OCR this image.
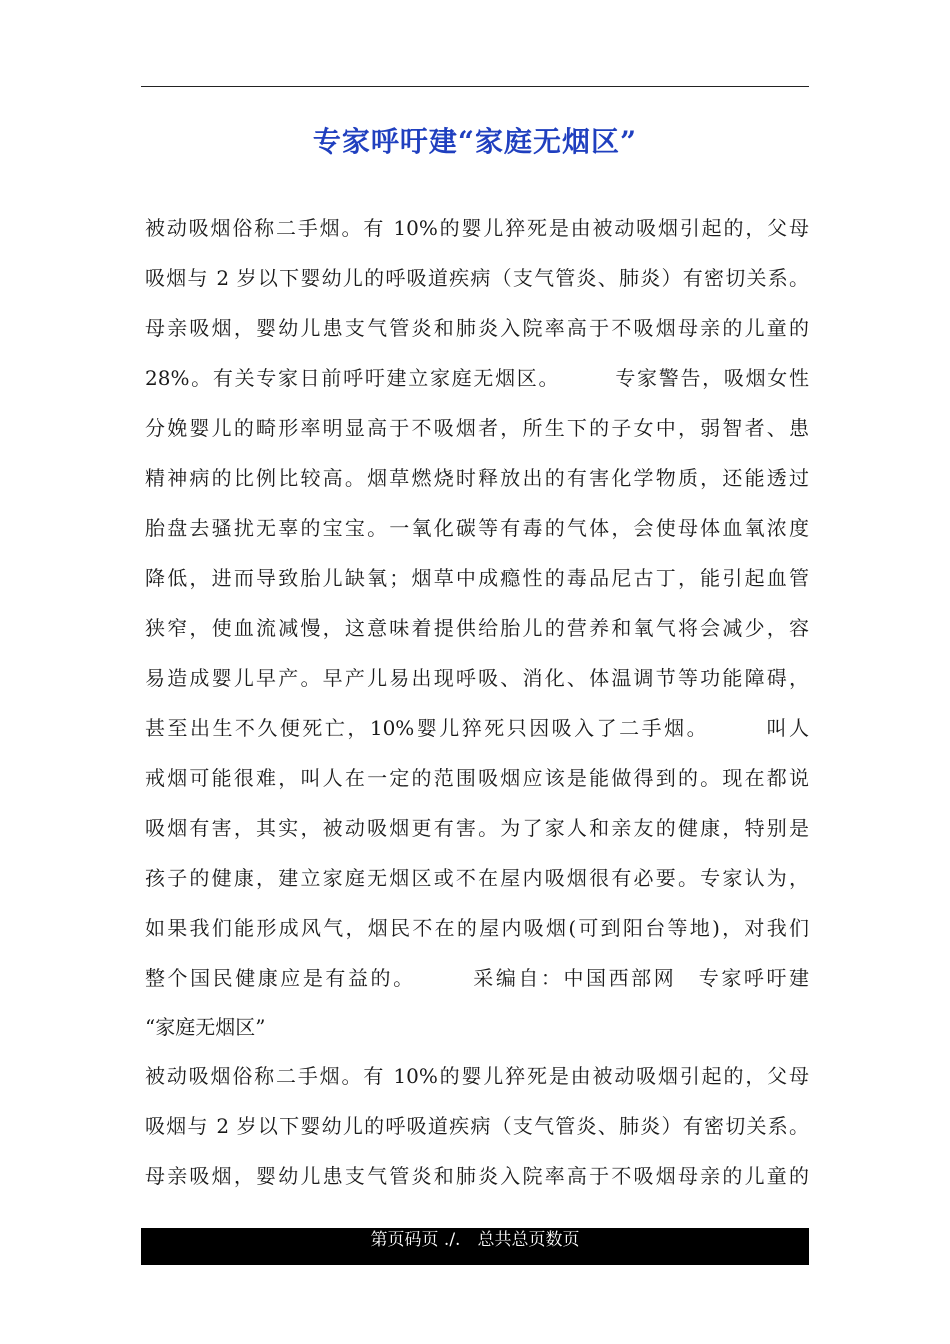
专家呼吁建“家庭无烟区”
被动吸烟俗称二手烟。有 10%的婴儿猝死是由被动吸烟引起的，父母
吸烟与 2 岁以下婴幼儿的呼吸道疾病（支气管炎、肺炎）有密切关系。
母亲吸烟，婴幼儿患支气管炎和肺炎入院率高于不吸烟母亲的儿童的
28%。有关专家日前呼吁建立家庭无烟区。　　　专家警告，吸烟女性
分娩婴儿的畸形率明显高于不吸烟者，所生下的子女中，弱智者、患
精神病的比例比较高。烟草燃烧时释放出的有害化学物质，还能透过
胎盘去骚扰无辜的宝宝。一氧化碳等有毒的气体，会使母体血氧浓度
降低，进而导致胎儿缺氧；烟草中成瘾性的毒品尼古丁，能引起血管
狭窄，使血流减慢，这意味着提供给胎儿的营养和氧气将会减少，容
易造成婴儿早产。早产儿易出现呼吸、消化、体温调节等功能障碍，
甚至出生不久便死亡，10%婴儿猝死只因吸入了二手烟。　　　叫人
戒烟可能很难，叫人在一定的范围吸烟应该是能做得到的。现在都说
吸烟有害，其实，被动吸烟更有害。为了家人和亲友的健康，特别是
孩子的健康，建立家庭无烟区或不在屋内吸烟很有必要。专家认为，
如果我们能形成风气，烟民不在的屋内吸烟(可到阳台等地)，对我们
整个国民健康应是有益的。　　　采编自：中国西部网　专家呼吁建
“家庭无烟区”
被动吸烟俗称二手烟。有 10%的婴儿猝死是由被动吸烟引起的，父母
吸烟与 2 岁以下婴幼儿的呼吸道疾病（支气管炎、肺炎）有密切关系。
母亲吸烟，婴幼儿患支气管炎和肺炎入院率高于不吸烟母亲的儿童的
第页码页 ./.　总共总页数页
